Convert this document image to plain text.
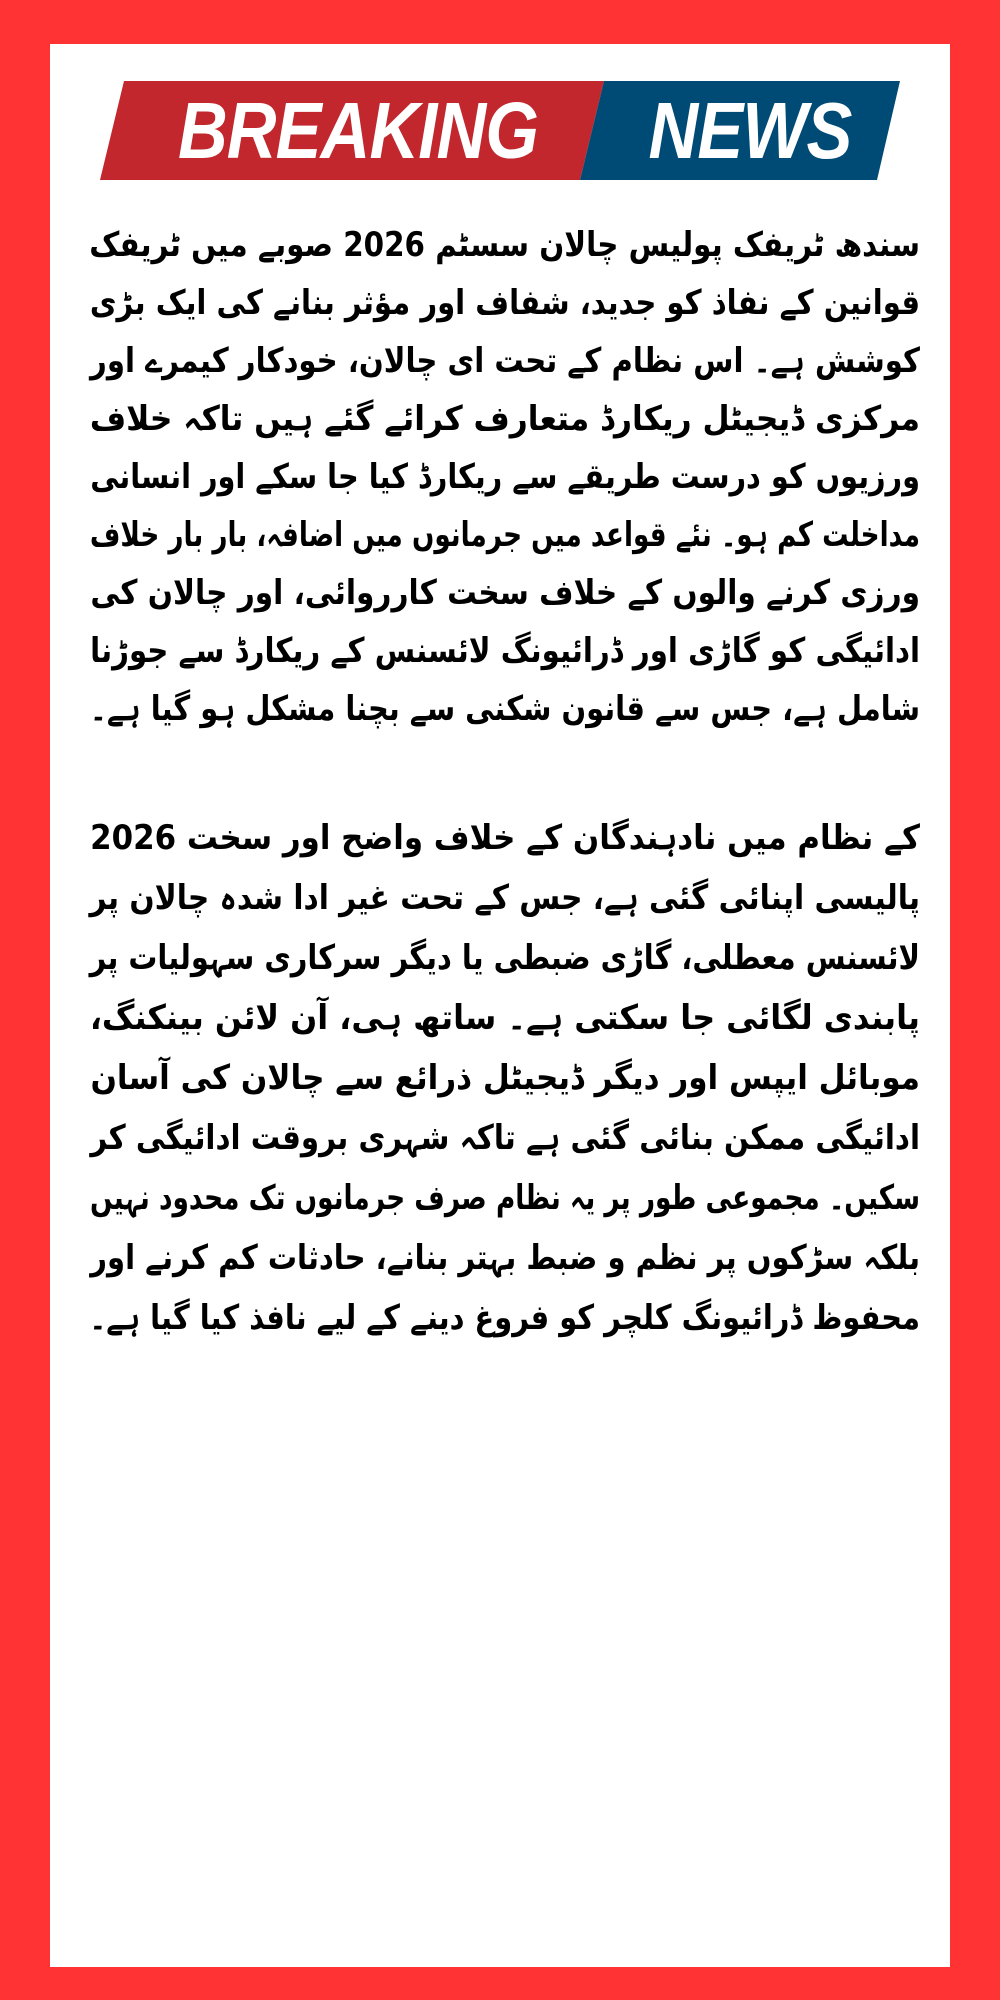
BREAKING	NEWS
سندھ ٹریفک پولیس چالان سسٹم 2026 صوبے میں ٹریفک
قوانین کے نفاذ کو جدید، شفاف اور مؤثر بنانے کی ایک بڑی
کوشش ہے۔ اس نظام کے تحت ای چالان، خودکار کیمرے اور
مرکزی ڈیجیٹل ریکارڈ متعارف کرائے گئے ہیں تاکہ خلاف
ورزیوں کو درست طریقے سے ریکارڈ کیا جا سکے اور انسانی
مداخلت کم ہو۔ نئے قواعد میں جرمانوں میں اضافہ، بار بار خلاف
ورزی کرنے والوں کے خلاف سخت کارروائی، اور چالان کی
ادائیگی کو گاڑی اور ڈرائیونگ لائسنس کے ریکارڈ سے جوڑنا
شامل ہے، جس سے قانون شکنی سے بچنا مشکل ہو گیا ہے۔
کے نظام میں نادہندگان کے خلاف واضح اور سخت 2026
پالیسی اپنائی گئی ہے، جس کے تحت غیر ادا شدہ چالان پر
لائسنس معطلی، گاڑی ضبطی یا دیگر سرکاری سہولیات پر
پابندی لگائی جا سکتی ہے۔ ساتھ ہی، آن لائن بینکنگ،
موبائل ایپس اور دیگر ڈیجیٹل ذرائع سے چالان کی آسان
ادائیگی ممکن بنائی گئی ہے تاکہ شہری بروقت ادائیگی کر
سکیں۔ مجموعی طور پر یہ نظام صرف جرمانوں تک محدود نہیں
بلکہ سڑکوں پر نظم و ضبط بہتر بنانے، حادثات کم کرنے اور
محفوظ ڈرائیونگ کلچر کو فروغ دینے کے لیے نافذ کیا گیا ہے۔
